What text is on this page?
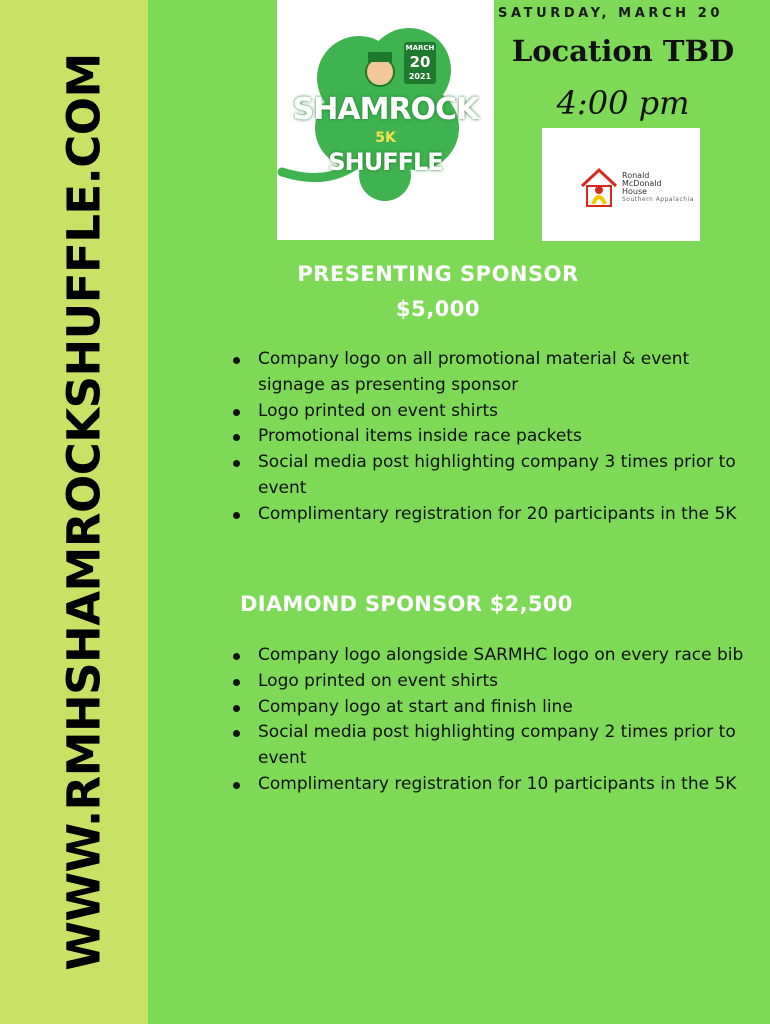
WWW.RMHSHAMROCKSHUFFLE.COM
MARCH
20
2021
SHAMROCK
5K
SHUFFLE
SATURDAY, MARCH 20
Location TBD
4:00 pm
Ronald
McDonald
House
Southern Appalachia
PRESENTING SPONSOR
$5,000
Company logo on all promotional material & event signage as presenting sponsor
Logo printed on event shirts
Promotional items inside race packets
Social media post highlighting company 3 times prior to event
Complimentary registration for 20 participants in the 5K
DIAMOND SPONSOR $2,500
Company logo alongside SARMHC logo on every race bib
Logo printed on event shirts
Company logo at start and finish line
Social media post highlighting company 2 times prior to event
Complimentary registration for 10 participants in the 5K
